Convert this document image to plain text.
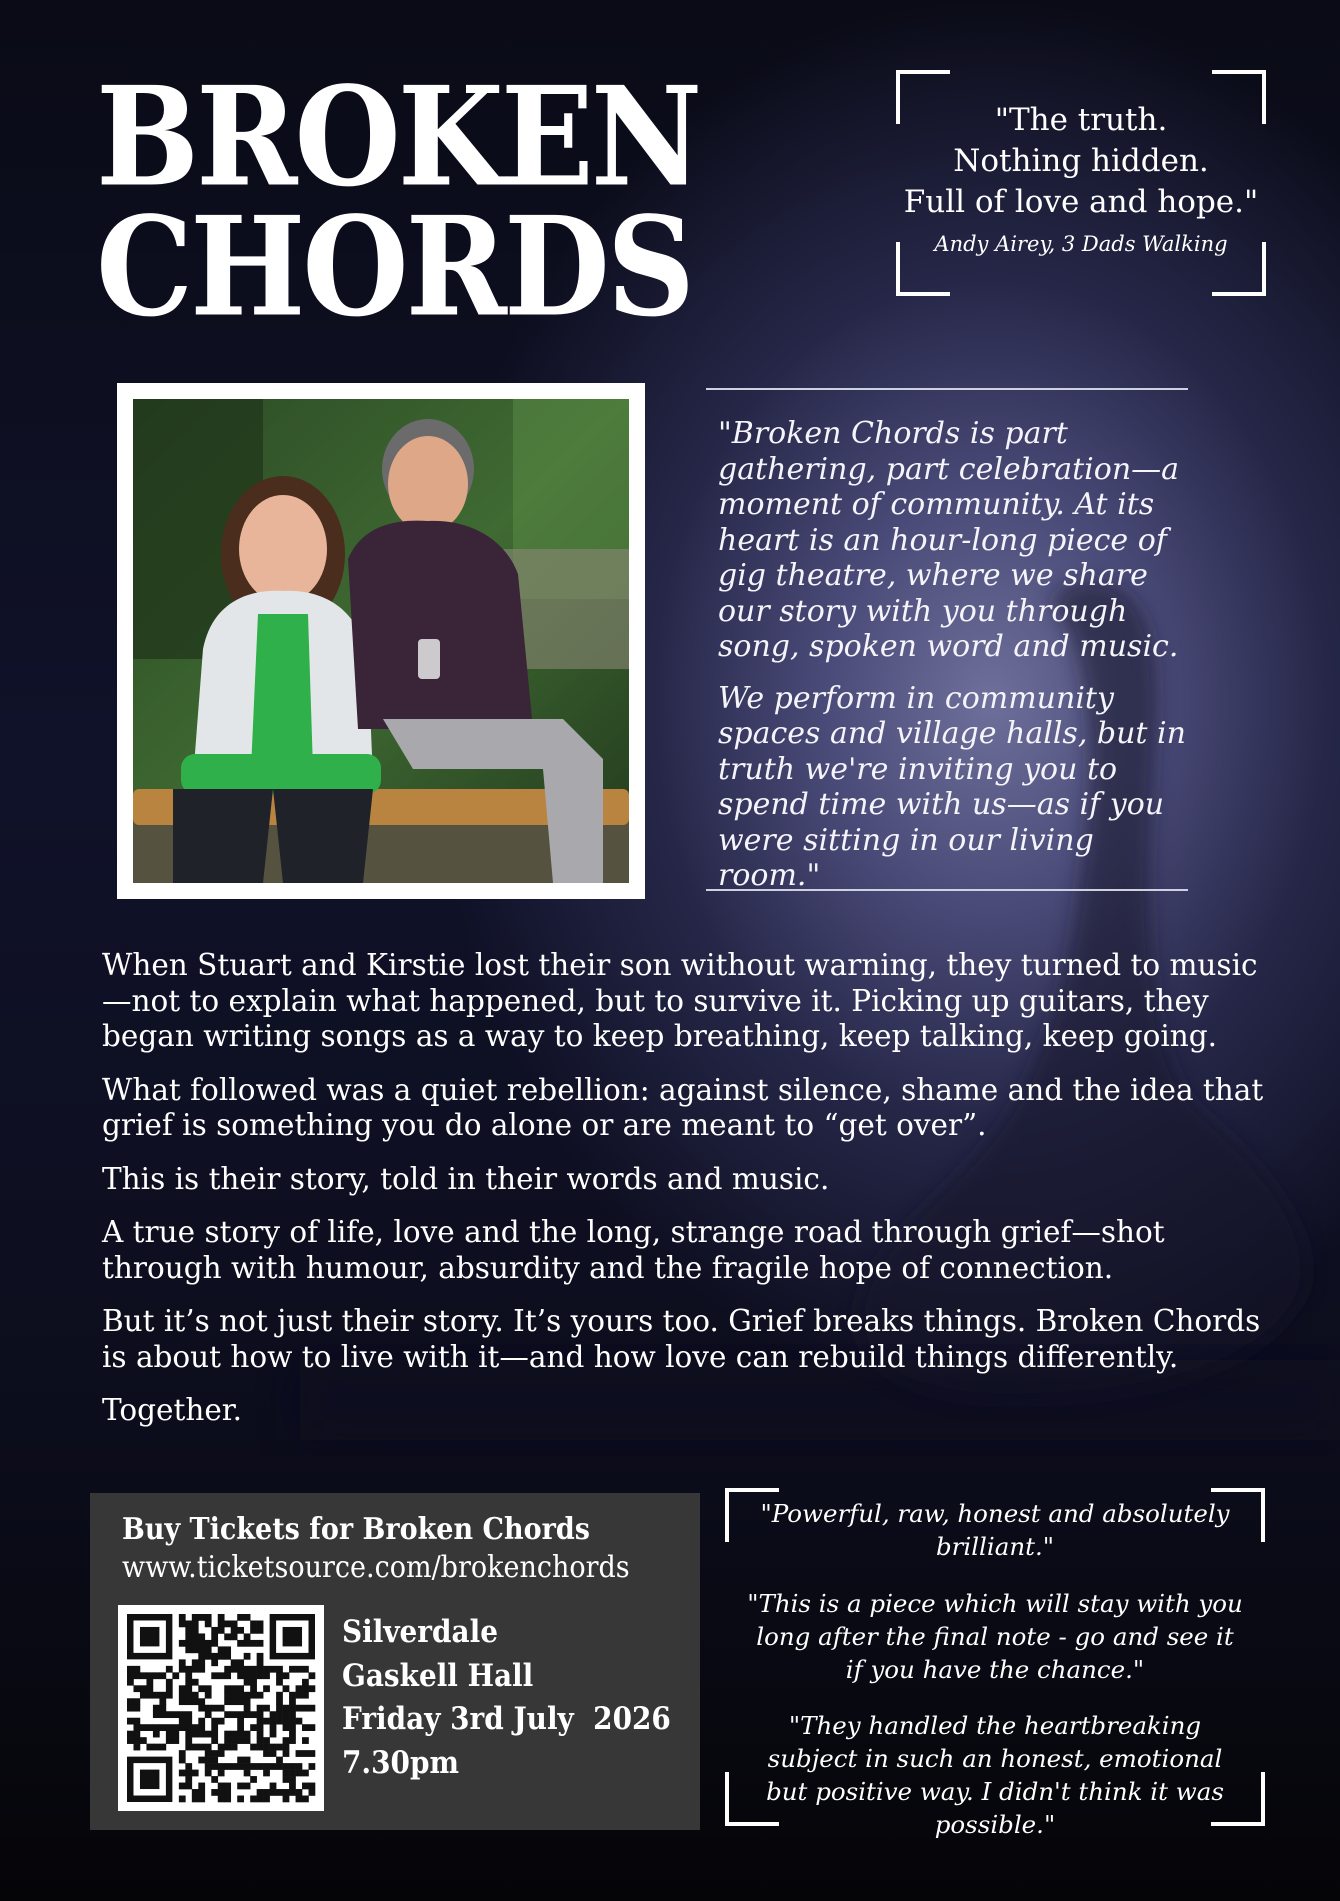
BROKEN
CHORDS
"The truth.
Nothing hidden.
Full of love and hope."
Andy Airey, 3 Dads Walking

"Broken Chords is part gathering, part celebration—a moment of community. At its heart is an hour-long piece of gig theatre, where we share our story with you through song, spoken word and music.

We perform in community spaces and village halls, but in truth we're inviting you to spend time with us—as if you were sitting in our living room."

When Stuart and Kirstie lost their son without warning, they turned to music —not to explain what happened, but to survive it. Picking up guitars, they began writing songs as a way to keep breathing, keep talking, keep going.

What followed was a quiet rebellion: against silence, shame and the idea that grief is something you do alone or are meant to “get over”.

This is their story, told in their words and music.

A true story of life, love and the long, strange road through grief—shot through with humour, absurdity and the fragile hope of connection.

But it’s not just their story. It’s yours too. Grief breaks things. Broken Chords is about how to live with it—and how love can rebuild things differently.

Together.

Buy Tickets for Broken Chords
www.ticketsource.com/brokenchords
Silverdale
Gaskell Hall
Friday 3rd July  2026
7.30pm

"Powerful, raw, honest and absolutely brilliant."

"This is a piece which will stay with you long after the final note - go and see it if you have the chance."

"They handled the heartbreaking subject in such an honest, emotional but positive way. I didn't think it was possible."
